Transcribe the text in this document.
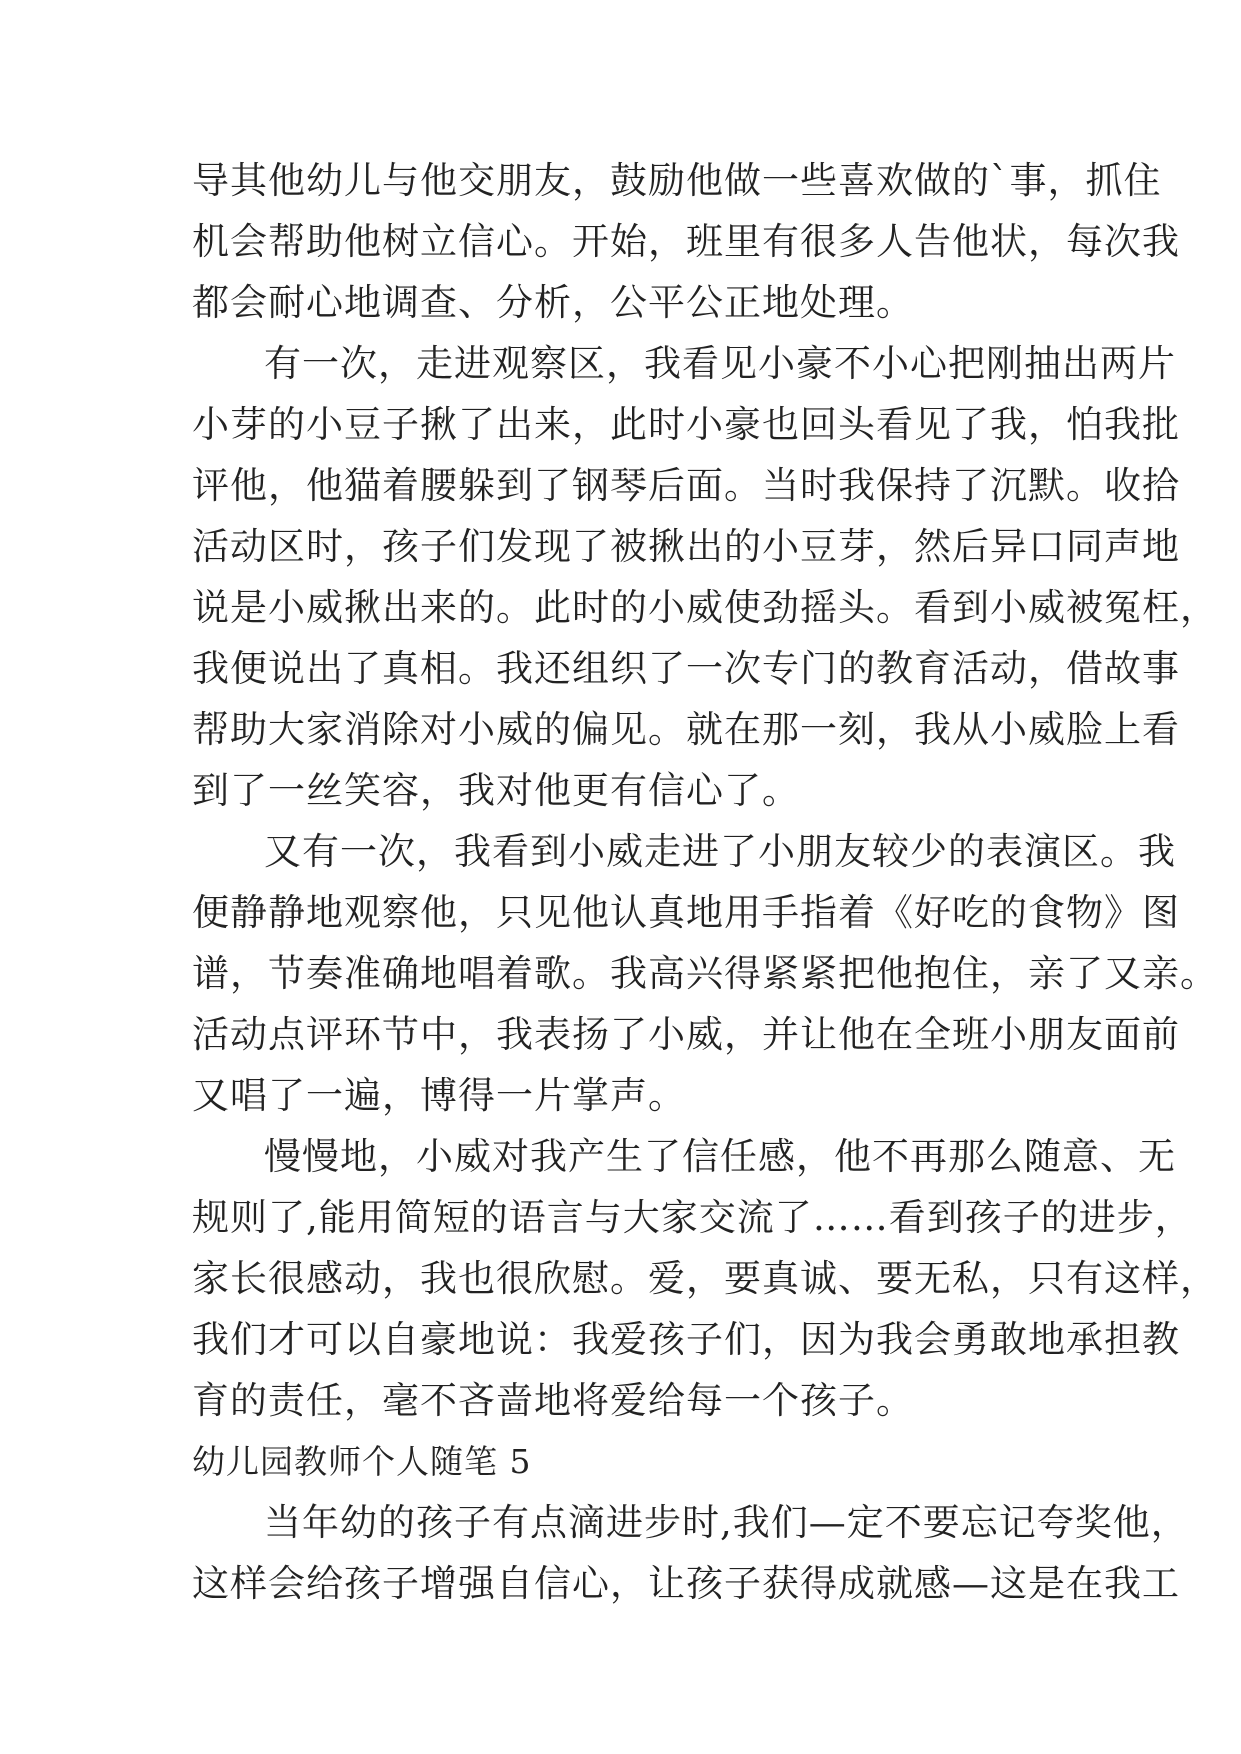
导其他幼儿与他交朋友，鼓励他做一些喜欢做的`事，抓住
机会帮助他树立信心。开始，班里有很多人告他状，每次我
都会耐心地调查、分析，公平公正地处理。
有一次，走进观察区，我看见小豪不小心把刚抽出两片
小芽的小豆子揪了出来，此时小豪也回头看见了我，怕我批
评他，他猫着腰躲到了钢琴后面。当时我保持了沉默。收拾
活动区时，孩子们发现了被揪出的小豆芽，然后异口同声地
说是小威揪出来的。此时的小威使劲摇头。看到小威被冤枉，
我便说出了真相。我还组织了一次专门的教育活动，借故事
帮助大家消除对小威的偏见。就在那一刻，我从小威脸上看
到了一丝笑容，我对他更有信心了。
又有一次，我看到小威走进了小朋友较少的表演区。我
便静静地观察他，只见他认真地用手指着《好吃的食物》图
谱，节奏准确地唱着歌。我高兴得紧紧把他抱住，亲了又亲。
活动点评环节中，我表扬了小威，并让他在全班小朋友面前
又唱了一遍，博得一片掌声。
慢慢地，小威对我产生了信任感，他不再那么随意、无
规则了,能用简短的语言与大家交流了……看到孩子的进步，
家长很感动，我也很欣慰。爱，要真诚、要无私，只有这样，
我们才可以自豪地说：我爱孩子们，因为我会勇敢地承担教
育的责任，毫不吝啬地将爱给每一个孩子。
幼儿园教师个人随笔 5
当年幼的孩子有点滴进步时,我们—定不要忘记夸奖他，
这样会给孩子增强自信心，让孩子获得成就感—这是在我工
